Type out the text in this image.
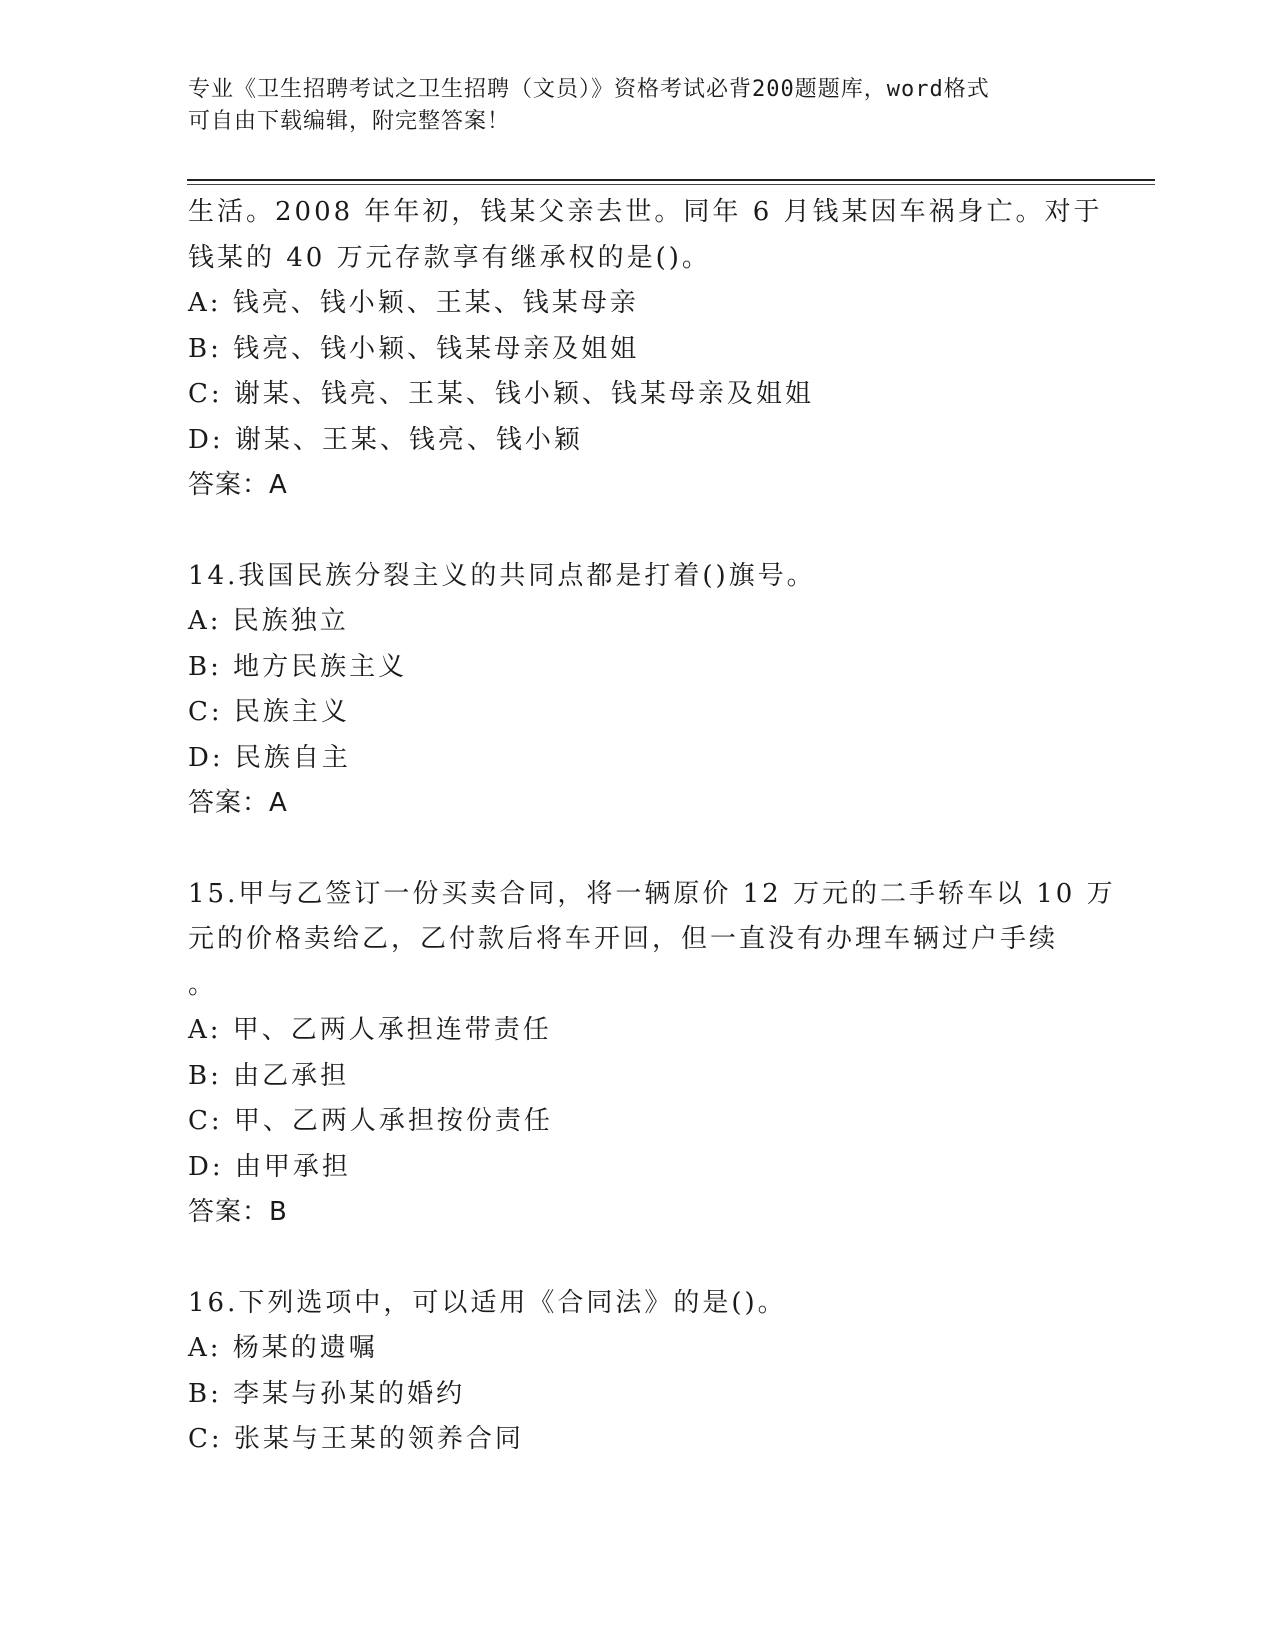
专业《卫生招聘考试之卫生招聘（文员）》资格考试必背200题题库，word格式
可自由下载编辑，附完整答案！
生活。2008 年年初，钱某父亲去世。同年 6 月钱某因车祸身亡。对于
钱某的 40 万元存款享有继承权的是()。
A: 钱亮、钱小颖、王某、钱某母亲
B: 钱亮、钱小颖、钱某母亲及姐姐
C: 谢某、钱亮、王某、钱小颖、钱某母亲及姐姐
D: 谢某、王某、钱亮、钱小颖
答案：A
14.我国民族分裂主义的共同点都是打着()旗号。
A: 民族独立
B: 地方民族主义
C: 民族主义
D: 民族自主
答案：A
15.甲与乙签订一份买卖合同，将一辆原价 12 万元的二手轿车以 10 万
元的价格卖给乙，乙付款后将车开回，但一直没有办理车辆过户手续
。
A: 甲、乙两人承担连带责任
B: 由乙承担
C: 甲、乙两人承担按份责任
D: 由甲承担
答案：B
16.下列选项中，可以适用《合同法》的是()。
A: 杨某的遗嘱
B: 李某与孙某的婚约
C: 张某与王某的领养合同
